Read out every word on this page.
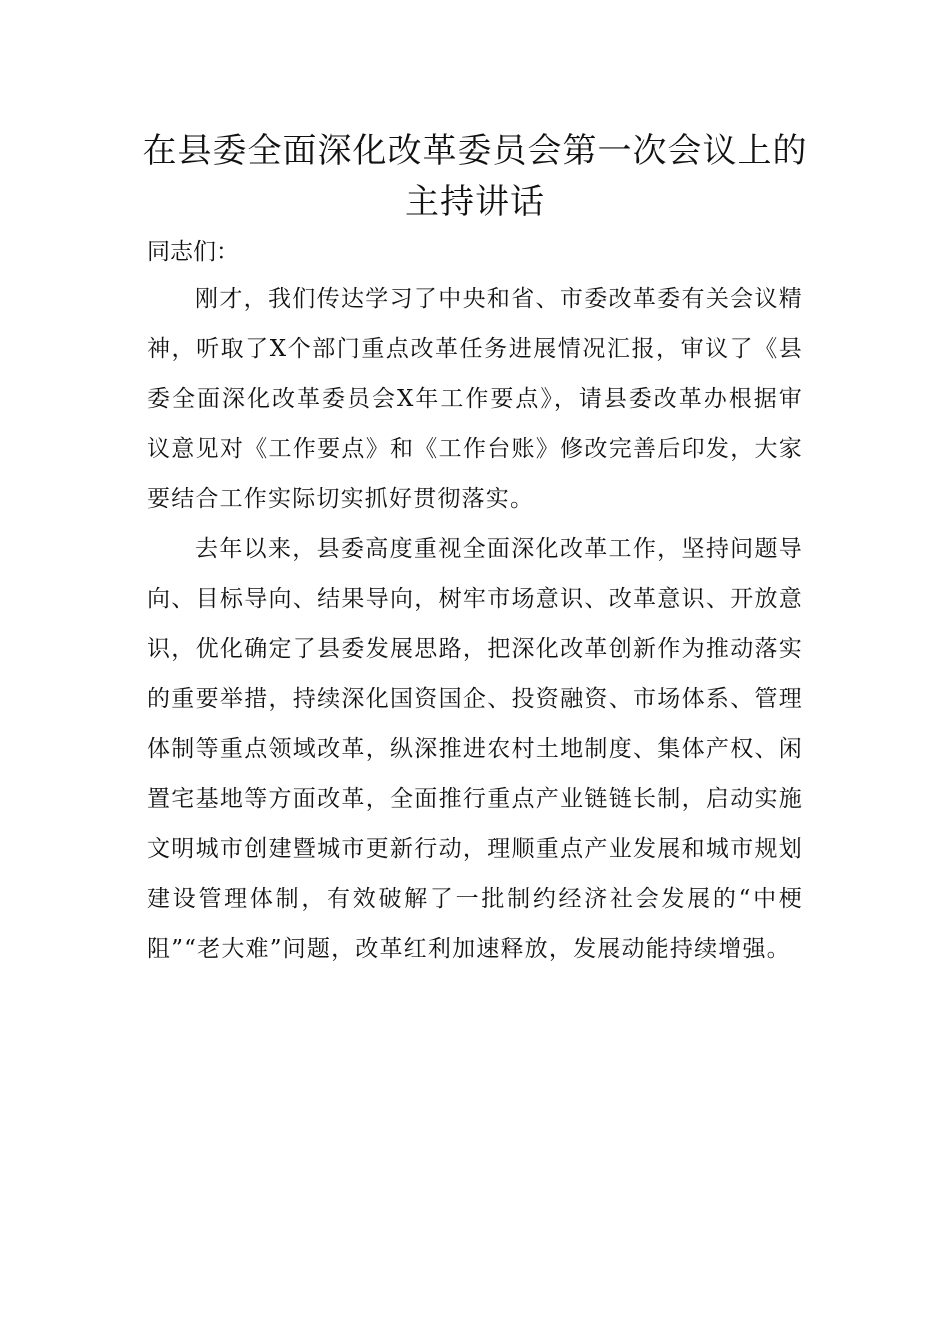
在县委全面深化改革委员会第一次会议上的主持讲话

同志们：

刚才，我们传达学习了中央和省、市委改革委有关会议精神，听取了X个部门重点改革任务进展情况汇报，审议了《县委全面深化改革委员会X年工作要点》，请县委改革办根据审议意见对《工作要点》和《工作台账》修改完善后印发，大家要结合工作实际切实抓好贯彻落实。

去年以来，县委高度重视全面深化改革工作，坚持问题导向、目标导向、结果导向，树牢市场意识、改革意识、开放意识，优化确定了县委发展思路，把深化改革创新作为推动落实的重要举措，持续深化国资国企、投资融资、市场体系、管理体制等重点领域改革，纵深推进农村土地制度、集体产权、闲置宅基地等方面改革，全面推行重点产业链链长制，启动实施文明城市创建暨城市更新行动，理顺重点产业发展和城市规划建设管理体制，有效破解了一批制约经济社会发展的“中梗阻”“老大难”问题，改革红利加速释放，发展动能持续增强。
